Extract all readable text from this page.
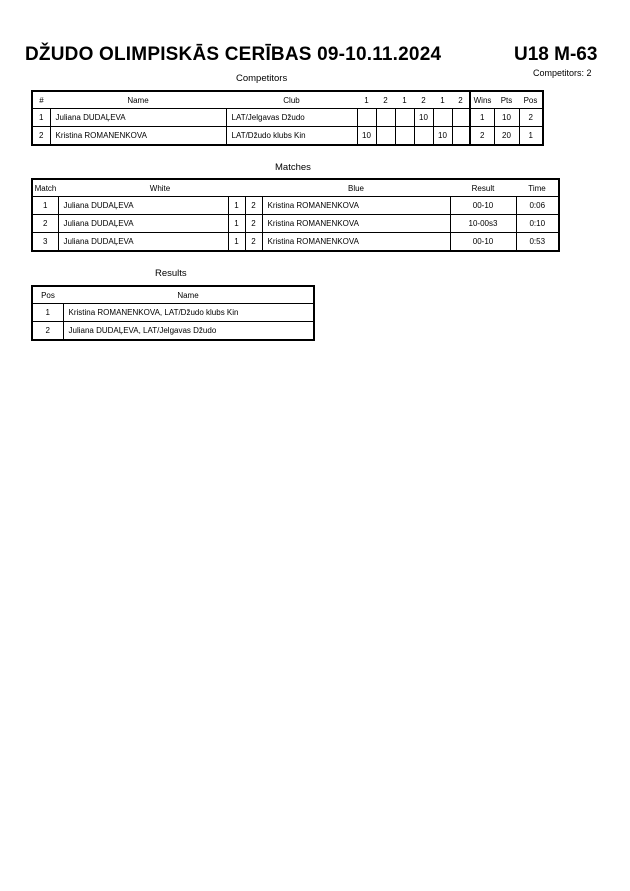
DŽUDO OLIMPISKĀS CERĪBAS 09-10.11.2024	U18 M-63
Competitors: 2
Competitors
#	Name	Club	1	2	1	2	1	2	Wins	Pts	Pos
1	Juliana DUDAĻEVA	LAT/Jelgavas Džudo				10			1	10	2
2	Kristina ROMANENKOVA	LAT/Džudo klubs Kin	10				10		2	20	1
Matches
Match	White			Blue	Result	Time
1	Juliana DUDAĻEVA	1	2	Kristina ROMANENKOVA	00-10	0:06
2	Juliana DUDAĻEVA	1	2	Kristina ROMANENKOVA	10-00s3	0:10
3	Juliana DUDAĻEVA	1	2	Kristina ROMANENKOVA	00-10	0:53
Results
Pos	Name
1	Kristina ROMANENKOVA, LAT/Džudo klubs Kin
2	Juliana DUDAĻEVA, LAT/Jelgavas Džudo
